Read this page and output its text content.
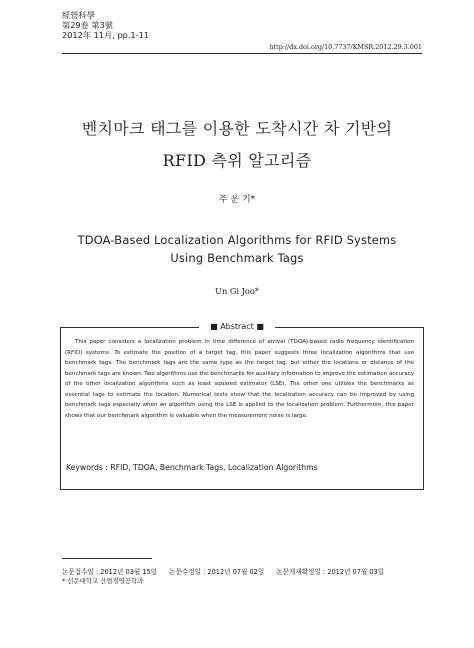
經營科學
第29卷 第3號
2012年 11月, pp.1-11
http://dx.doi.org/10.7737/KMSR.2012.29.3.001
벤치마크 태그를 이용한 도착시간 차 기반의
RFID 측위 알고리즘
주 운 기*
TDOA-Based Localization Algorithms for RFID Systems
Using Benchmark Tags
Un Gi Joo*
■ Abstract ■
This paper considers a localization problem in time difference of arrival (TDOA)-based radio frequency identification (RFID) systems. To estimate the position of a target tag, this paper suggests three localization algorithms that use benchmark tags. The benchmark tags are the same type as the target tag, but either the locations or distance of the benchmark tags are known. Two algorithms use the benchmarks for auxiliary information to improve the estimation accuracy of the other localization algorithms such as least squared estimator (LSE). The other one utilizes the benchmarks as essential tags to estimate the location. Numerical tests show that the localization accuracy can be improved by using benchmark tags especially when an algorithm using the LSE is applied to the localization problem. Furthermore, this paper shows that our benchmark algorithm is valuable when the measurement noise is large.
Keywords : RFID, TDOA, Benchmark Tags, Localization Algorithms
논문접수일 : 2012년 03월 15일 논문수정일 : 2012년 07월 02일 논문게재확정일 : 2012년 07월 03일
* 선문대학교 산업경영공학과
